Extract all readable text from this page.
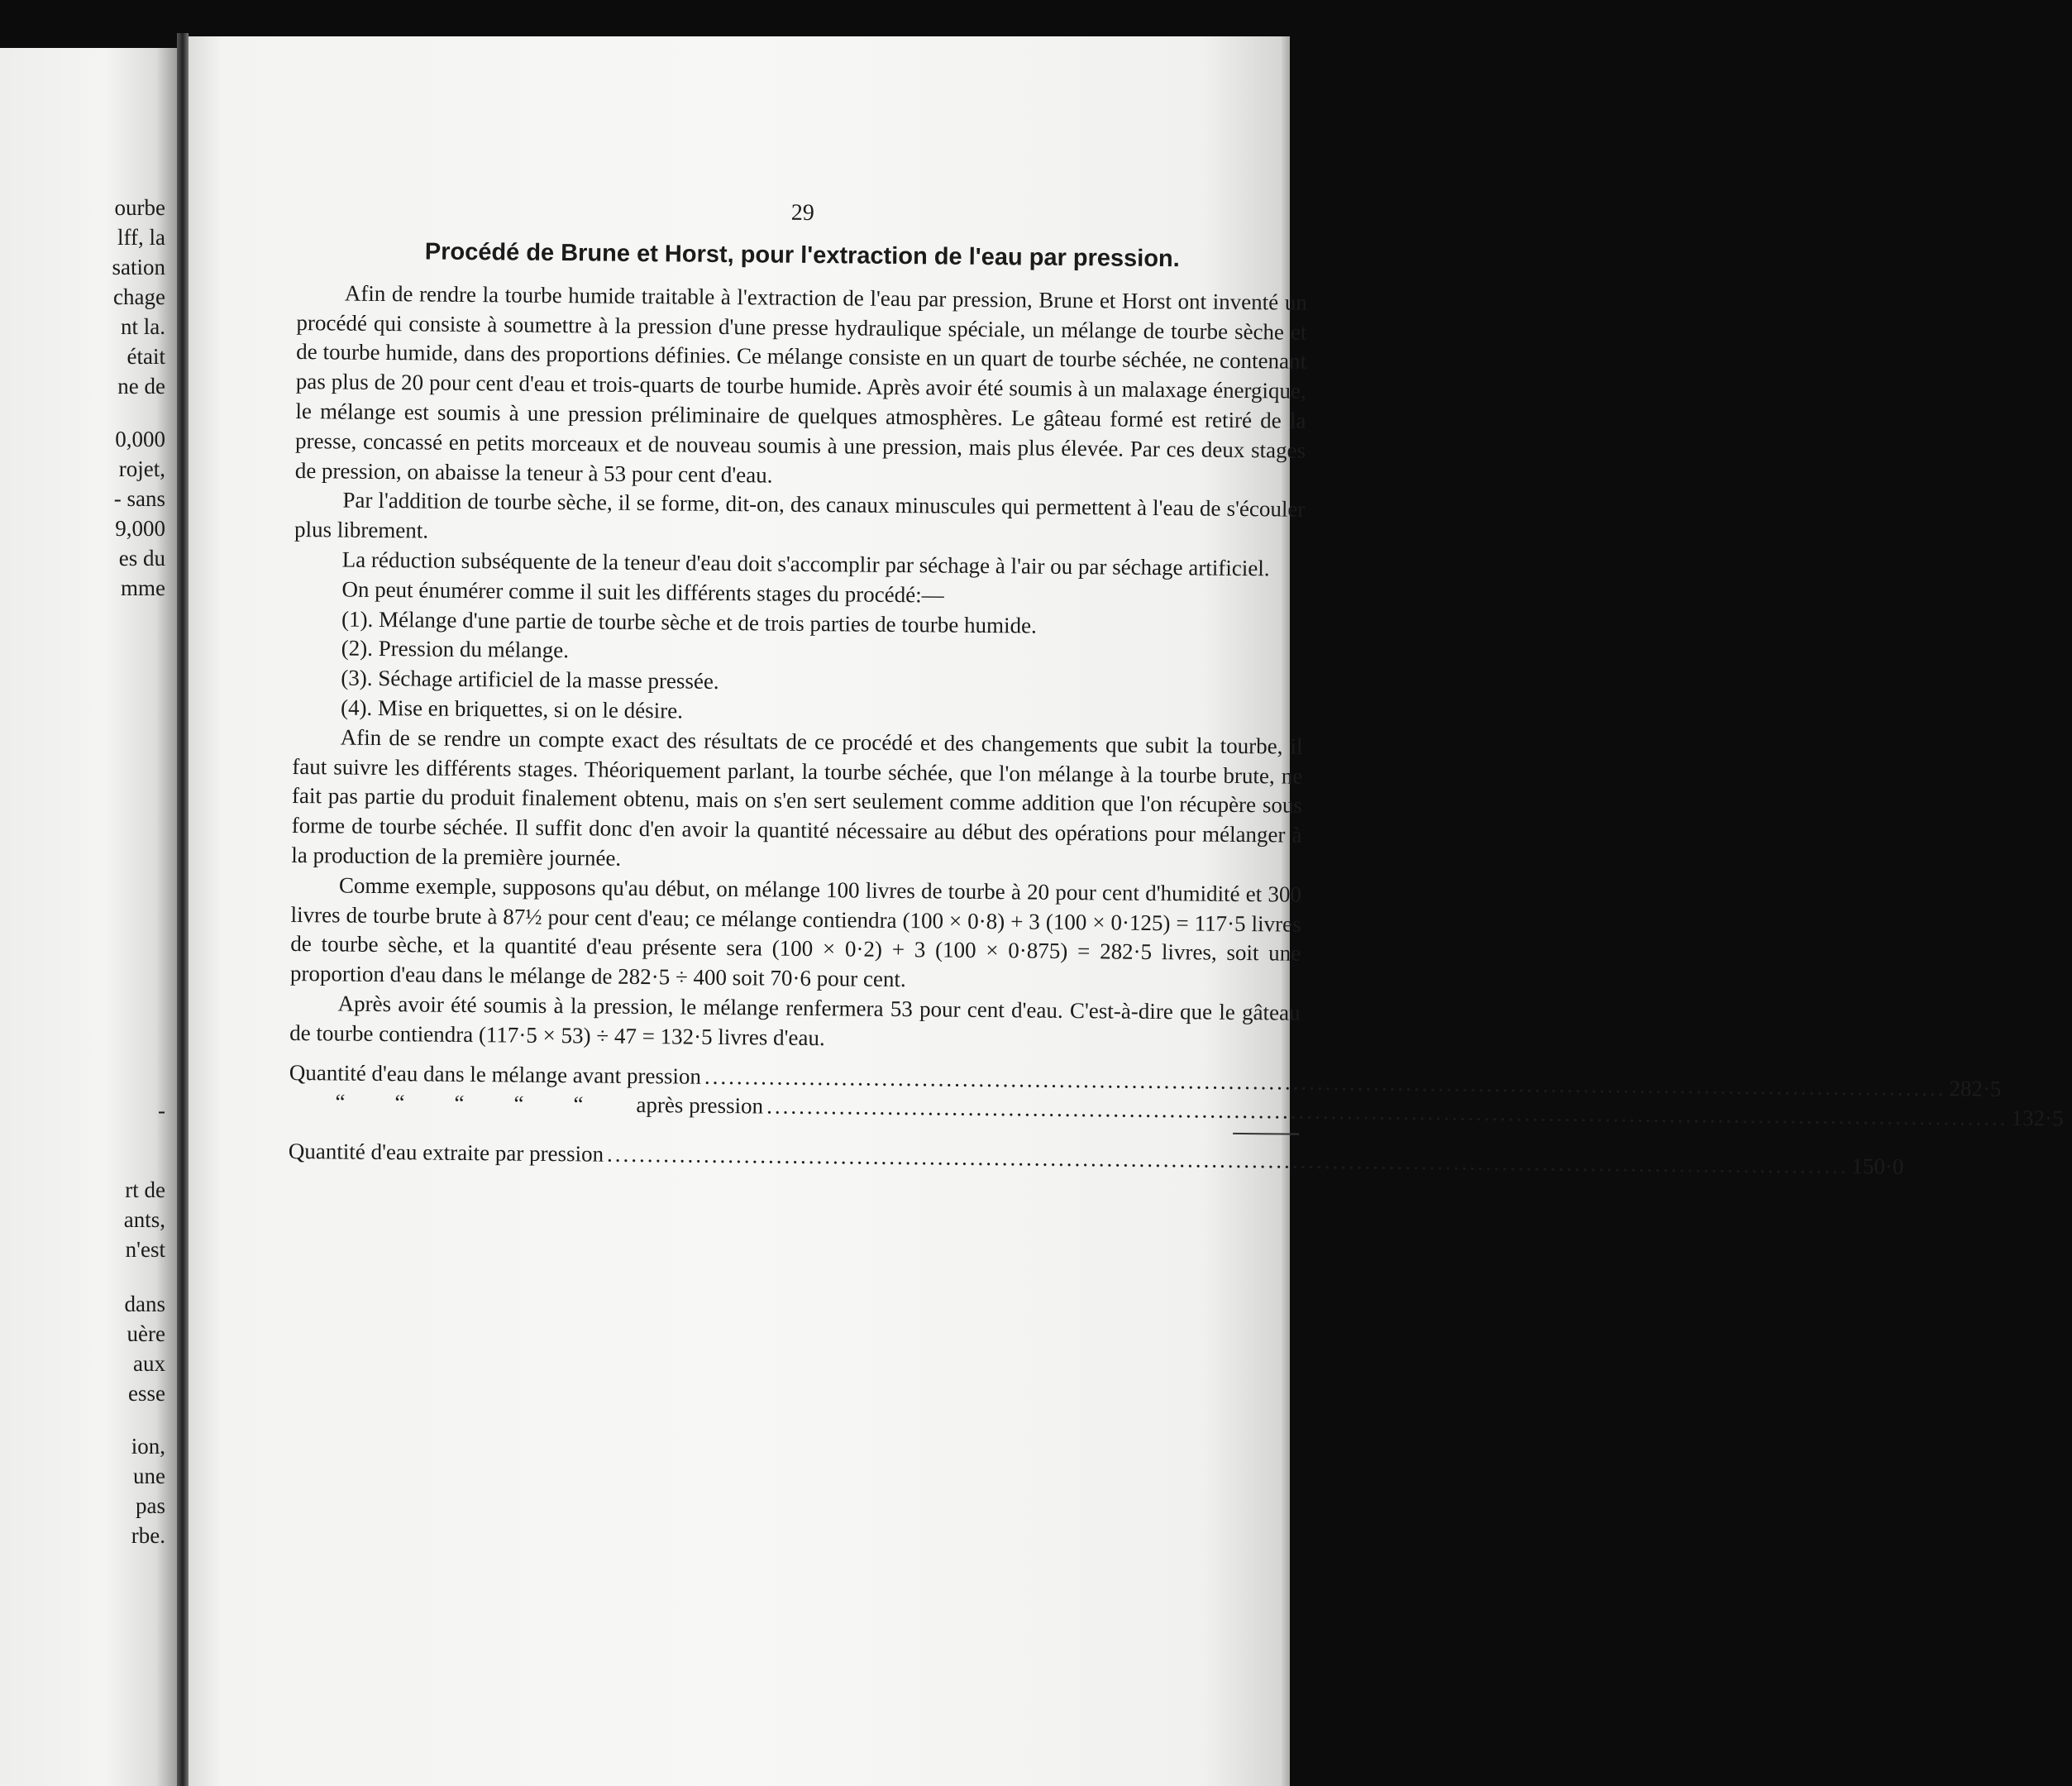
ourbe
lff, la
sation
chage
nt la.
était
ne de
0,000
rojet,
- sans
9,000
es du
mme
-
rt de
ants,
n'est
dans
uère
aux
esse
ion,
une
pas
rbe.
29
Procédé de Brune et Horst, pour l'extraction de l'eau par pression.

Afin de rendre la tourbe humide traitable à l'extraction de l'eau par pression, Brune et Horst ont inventé un procédé qui consiste à soumettre à la pression d'une presse hydraulique spéciale, un mélange de tourbe sèche et de tourbe humide, dans des proportions définies. Ce mélange consiste en un quart de tourbe séchée, ne contenant pas plus de 20 pour cent d'eau et trois-quarts de tourbe humide. Après avoir été soumis à un malaxage énergique, le mélange est soumis à une pression préliminaire de quelques atmosphères. Le gâteau formé est retiré de la presse, concassé en petits morceaux et de nouveau soumis à une pression, mais plus élevée. Par ces deux stages de pression, on abaisse la teneur à 53 pour cent d'eau.

Par l'addition de tourbe sèche, il se forme, dit-on, des canaux minuscules qui permettent à l'eau de s'écouler plus librement.

La réduction subséquente de la teneur d'eau doit s'accomplir par séchage à l'air ou par séchage artificiel.

On peut énumérer comme il suit les différents stages du procédé:—

(1). Mélange d'une partie de tourbe sèche et de trois parties de tourbe humide.

(2). Pression du mélange.

(3). Séchage artificiel de la masse pressée.

(4). Mise en briquettes, si on le désire.

Afin de se rendre un compte exact des résultats de ce procédé et des changements que subit la tourbe, il faut suivre les différents stages. Théoriquement parlant, la tourbe séchée, que l'on mélange à la tourbe brute, ne fait pas partie du produit finalement obtenu, mais on s'en sert seulement comme addition que l'on récupère sous forme de tourbe séchée. Il suffit donc d'en avoir la quantité nécessaire au début des opérations pour mélanger à la production de la première journée.

Comme exemple, supposons qu'au début, on mélange 100 livres de tourbe à 20 pour cent d'humidité et 300 livres de tourbe brute à 87½ pour cent d'eau; ce mélange contiendra (100 × 0·8) + 3 (100 × 0·125) = 117·5 livres de tourbe sèche, et la quantité d'eau présente sera (100 × 0·2) + 3 (100 × 0·875) = 282·5 livres, soit une proportion d'eau dans le mélange de 282·5 ÷ 400 soit 70·6 pour cent.

Après avoir été soumis à la pression, le mélange renfermera 53 pour cent d'eau. C'est-à-dire que le gâteau de tourbe contiendra (117·5 × 53) ÷ 47 = 132·5 livres d'eau.

Quantité d'eau dans le mélange avant pression .....	282·5
“ “ “ “ “	après pression .....	132·5
Quantité d'eau extraite par pression .....	150·0
